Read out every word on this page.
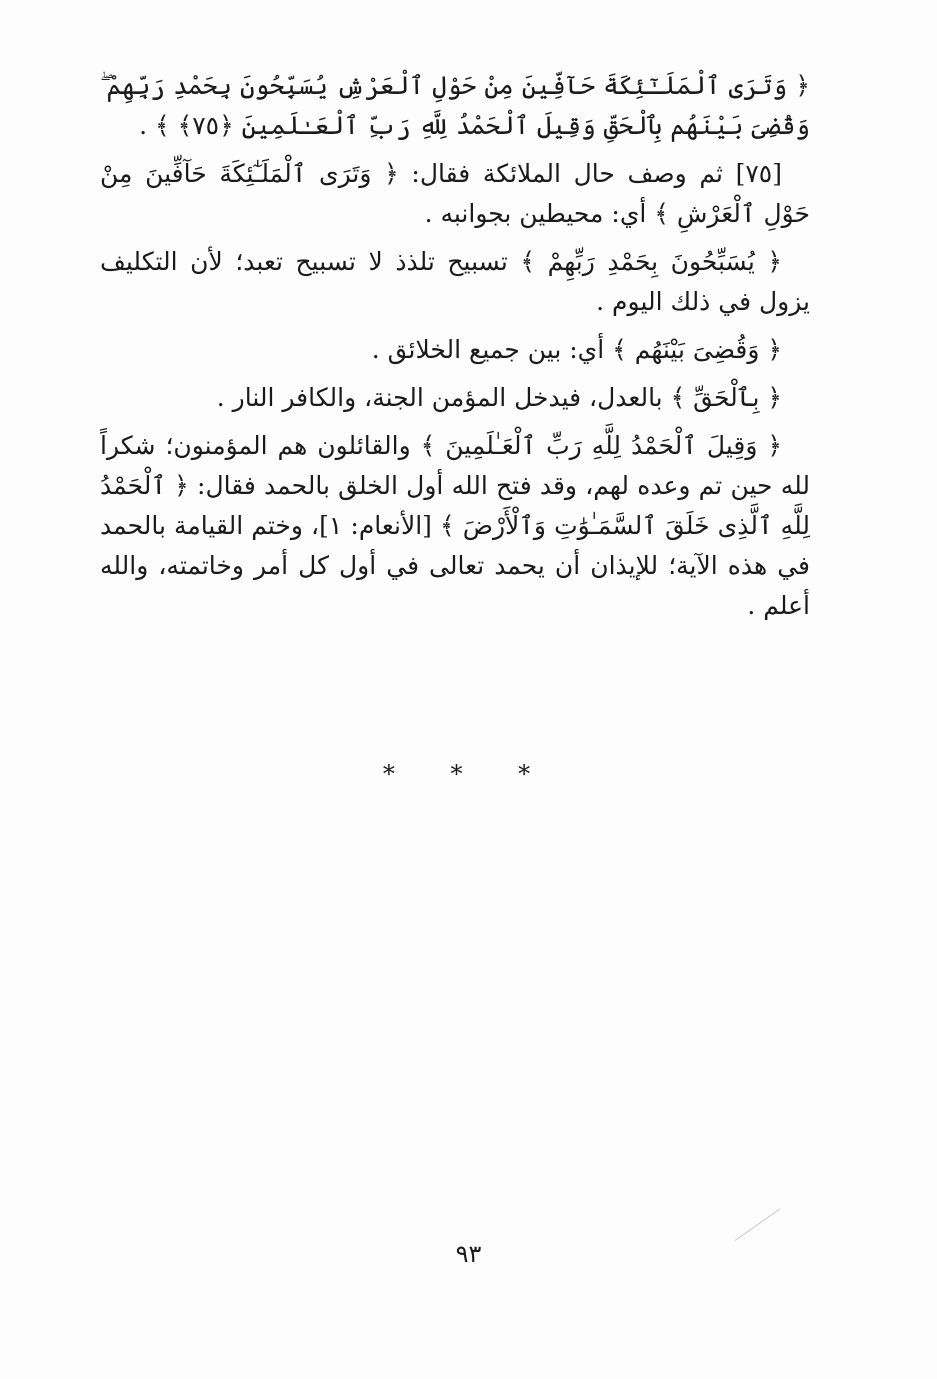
﴿ وَتَرَى ٱلْمَلَـٰٓئِكَةَ حَآفِّينَ مِنْ حَوْلِ ٱلْعَرْشِ يُسَبِّحُونَ بِحَمْدِ رَبِّهِمْ ۖ وَقُضِىَ بَيْنَهُم بِٱلْحَقِّ وَقِيلَ ٱلْحَمْدُ لِلَّهِ رَبِّ ٱلْعَـٰلَمِينَ ﴿٧٥﴾ ﴾ .

[٧٥] ثم وصف حال الملائكة فقال: ﴿ وَتَرَى ٱلْمَلَـٰٓئِكَةَ حَآفِّينَ مِنْ حَوْلِ ٱلْعَرْشِ ﴾ أي: محيطين بجوانبه .

﴿ يُسَبِّحُونَ بِحَمْدِ رَبِّهِمْ ﴾ تسبيح تلذذ لا تسبيح تعبد؛ لأن التكليف يزول في ذلك اليوم .

﴿ وَقُضِىَ بَيْنَهُم ﴾ أي: بين جميع الخلائق .

﴿ بِٱلْحَقِّ ﴾ بالعدل، فيدخل المؤمن الجنة، والكافر النار .

﴿ وَقِيلَ ٱلْحَمْدُ لِلَّهِ رَبِّ ٱلْعَـٰلَمِينَ ﴾ والقائلون هم المؤمنون؛ شكراً لله حين تم وعده لهم، وقد فتح الله أول الخلق بالحمد فقال: ﴿ ٱلْحَمْدُ لِلَّهِ ٱلَّذِى خَلَقَ ٱلسَّمَـٰوَٰتِ وَٱلْأَرْضَ ﴾ [الأنعام: ١]، وختم القيامة بالحمد في هذه الآية؛ للإيذان أن يحمد تعالى في أول كل أمر وخاتمته، والله أعلم .

* * *
٩٣
